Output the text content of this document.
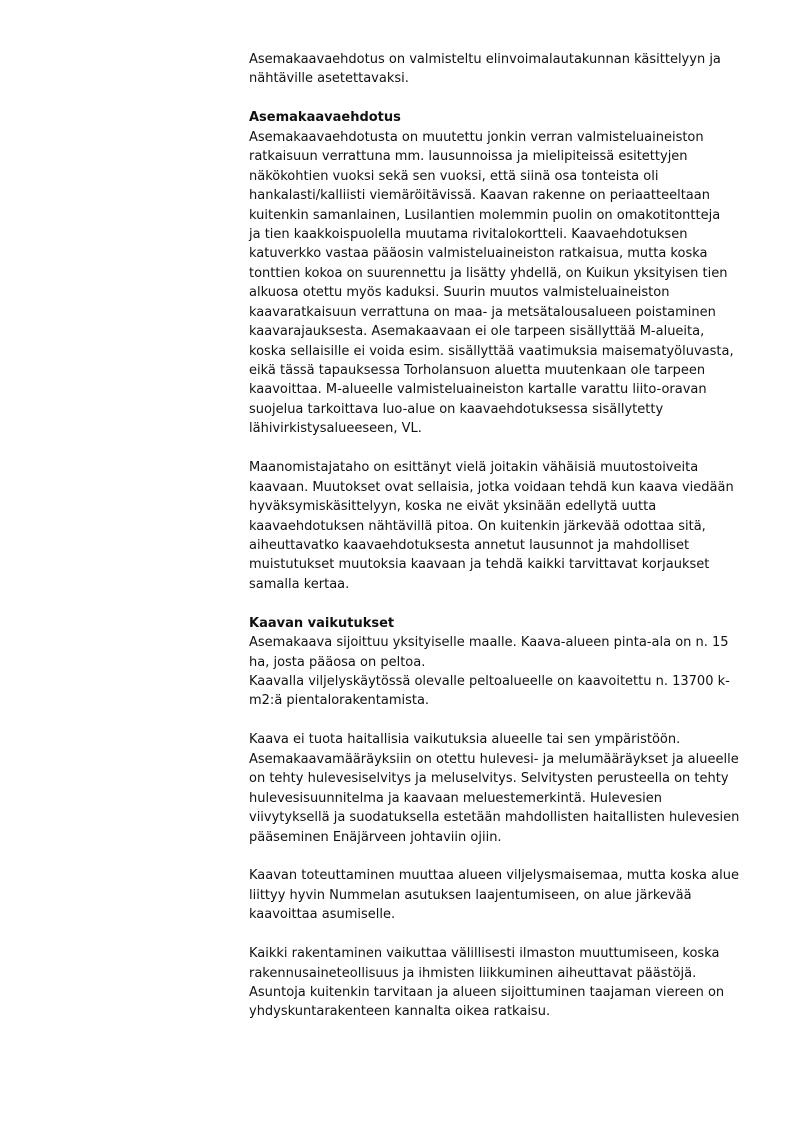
Asemakaavaehdotus on valmisteltu elinvoimalautakunnan käsittelyyn ja
nähtäville asetettavaksi.
Asemakaavaehdotus
Asemakaavaehdotusta on muutettu jonkin verran valmisteluaineiston
ratkaisuun verrattuna mm. lausunnoissa ja mielipiteissä esitettyjen
näkökohtien vuoksi sekä sen vuoksi, että siinä osa tonteista oli
hankalasti/kalliisti viemäröitävissä. Kaavan rakenne on periaatteeltaan
kuitenkin samanlainen, Lusilantien molemmin puolin on omakotitontteja
ja tien kaakkoispuolella muutama rivitalokortteli. Kaavaehdotuksen
katuverkko vastaa pääosin valmisteluaineiston ratkaisua, mutta koska
tonttien kokoa on suurennettu ja lisätty yhdellä, on Kuikun yksityisen tien
alkuosa otettu myös kaduksi. Suurin muutos valmisteluaineiston
kaavaratkaisuun verrattuna on maa- ja metsätalousalueen poistaminen
kaavarajauksesta. Asemakaavaan ei ole tarpeen sisällyttää M-alueita,
koska sellaisille ei voida esim. sisällyttää vaatimuksia maisematyöluvasta,
eikä tässä tapauksessa Torholansuon aluetta muutenkaan ole tarpeen
kaavoittaa. M-alueelle valmisteluaineiston kartalle varattu liito-oravan
suojelua tarkoittava luo-alue on kaavaehdotuksessa sisällytetty
lähivirkistysalueeseen, VL.
Maanomistajataho on esittänyt vielä joitakin vähäisiä muutostoiveita
kaavaan. Muutokset ovat sellaisia, jotka voidaan tehdä kun kaava viedään
hyväksymiskäsittelyyn, koska ne eivät yksinään edellytä uutta
kaavaehdotuksen nähtävillä pitoa. On kuitenkin järkevää odottaa sitä,
aiheuttavatko kaavaehdotuksesta annetut lausunnot ja mahdolliset
muistutukset muutoksia kaavaan ja tehdä kaikki tarvittavat korjaukset
samalla kertaa.
Kaavan vaikutukset
Asemakaava sijoittuu yksityiselle maalle. Kaava-alueen pinta-ala on n. 15
ha, josta pääosa on peltoa.
Kaavalla viljelyskäytössä olevalle peltoalueelle on kaavoitettu n. 13700 k-
m2:ä pientalorakentamista.
Kaava ei tuota haitallisia vaikutuksia alueelle tai sen ympäristöön.
Asemakaavamääräyksiin on otettu hulevesi- ja melumääräykset ja alueelle
on tehty hulevesiselvitys ja meluselvitys. Selvitysten perusteella on tehty
hulevesisuunnitelma ja kaavaan meluestemerkintä. Hulevesien
viivytyksellä ja suodatuksella estetään mahdollisten haitallisten hulevesien
pääseminen Enäjärveen johtaviin ojiin.
Kaavan toteuttaminen muuttaa alueen viljelysmaisemaa, mutta koska alue
liittyy hyvin Nummelan asutuksen laajentumiseen, on alue järkevää
kaavoittaa asumiselle.
Kaikki rakentaminen vaikuttaa välillisesti ilmaston muuttumiseen, koska
rakennusaineteollisuus ja ihmisten liikkuminen aiheuttavat päästöjä.
Asuntoja kuitenkin tarvitaan ja alueen sijoittuminen taajaman viereen on
yhdyskuntarakenteen kannalta oikea ratkaisu.
